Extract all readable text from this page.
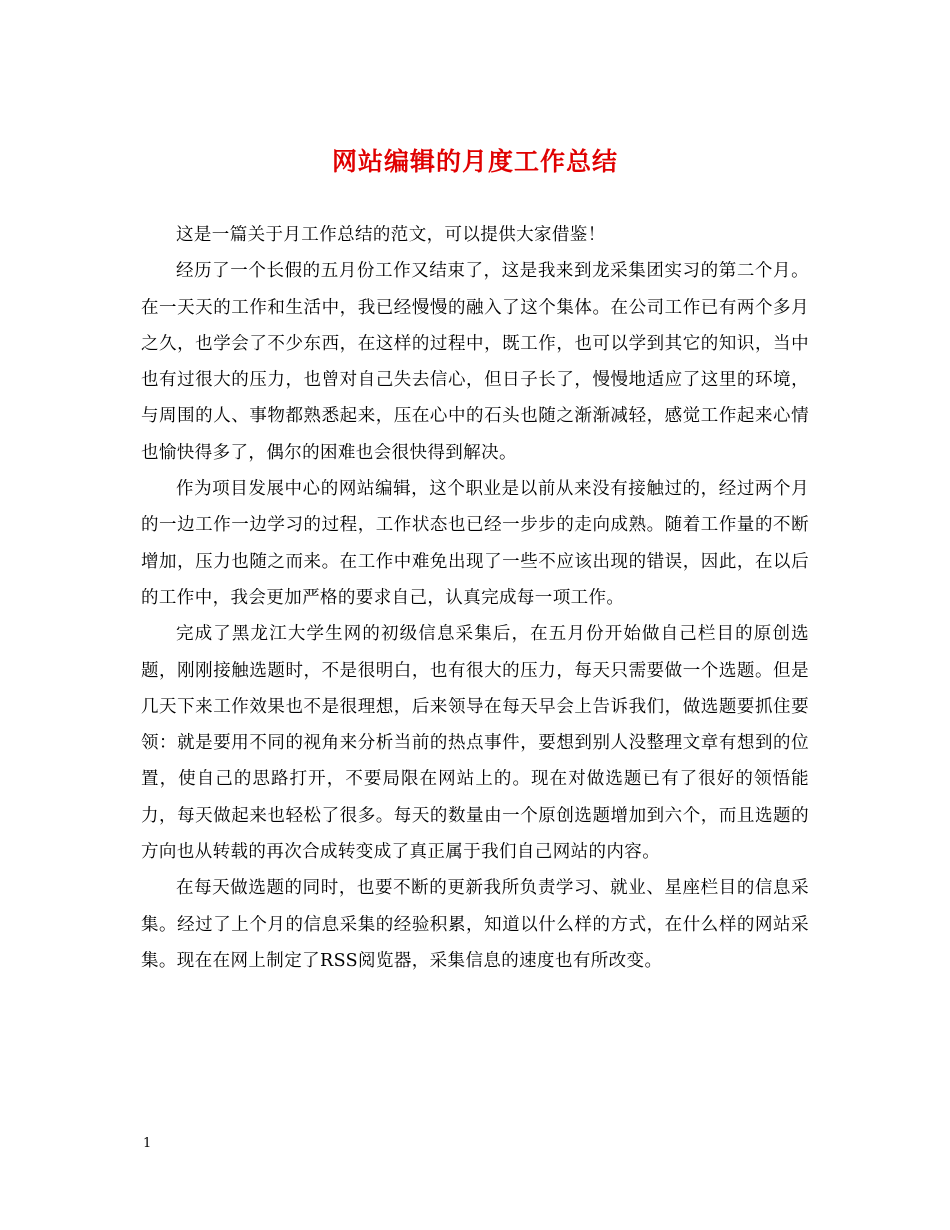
网站编辑的月度工作总结

这是一篇关于月工作总结的范文，可以提供大家借鉴！

经历了一个长假的五月份工作又结束了，这是我来到龙采集团实习的第二个月。在一天天的工作和生活中，我已经慢慢的融入了这个集体。在公司工作已有两个多月之久，也学会了不少东西，在这样的过程中，既工作，也可以学到其它的知识，当中也有过很大的压力，也曾对自己失去信心，但日子长了，慢慢地适应了这里的环境，与周围的人、事物都熟悉起来，压在心中的石头也随之渐渐减轻，感觉工作起来心情也愉快得多了，偶尔的困难也会很快得到解决。

作为项目发展中心的网站编辑，这个职业是以前从来没有接触过的，经过两个月的一边工作一边学习的过程，工作状态也已经一步步的走向成熟。随着工作量的不断增加，压力也随之而来。在工作中难免出现了一些不应该出现的错误，因此，在以后的工作中，我会更加严格的要求自己，认真完成每一项工作。

完成了黑龙江大学生网的初级信息采集后，在五月份开始做自己栏目的原创选题，刚刚接触选题时，不是很明白，也有很大的压力，每天只需要做一个选题。但是几天下来工作效果也不是很理想，后来领导在每天早会上告诉我们，做选题要抓住要领：就是要用不同的视角来分析当前的热点事件，要想到别人没整理文章有想到的位置，使自己的思路打开，不要局限在网站上的。现在对做选题已有了很好的领悟能力，每天做起来也轻松了很多。每天的数量由一个原创选题增加到六个，而且选题的方向也从转载的再次合成转变成了真正属于我们自己网站的内容。

在每天做选题的同时，也要不断的更新我所负责学习、就业、星座栏目的信息采集。经过了上个月的信息采集的经验积累，知道以什么样的方式，在什么样的网站采集。现在在网上制定了RSS阅览器，采集信息的速度也有所改变。

1
